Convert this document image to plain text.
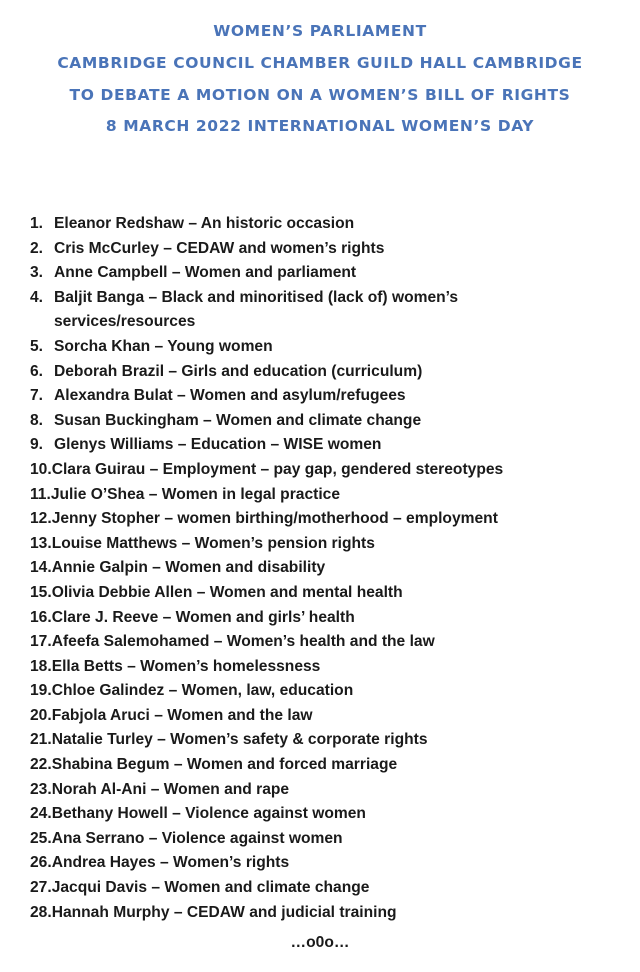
WOMEN’S PARLIAMENT
CAMBRIDGE COUNCIL CHAMBER GUILD HALL CAMBRIDGE
TO DEBATE A MOTION ON A WOMEN’S BILL OF RIGHTS
8 MARCH 2022 INTERNATIONAL WOMEN’S DAY
1. Eleanor Redshaw – An historic occasion
2. Cris McCurley – CEDAW and women’s rights
3. Anne Campbell – Women and parliament
4. Baljit Banga – Black and minoritised (lack of) women’s services/resources
5. Sorcha Khan – Young women
6. Deborah Brazil – Girls and education (curriculum)
7. Alexandra Bulat – Women and asylum/refugees
8. Susan Buckingham – Women and climate change
9. Glenys Williams – Education – WISE women
10. Clara Guirau – Employment – pay gap, gendered stereotypes
11. Julie O’Shea – Women in legal practice
12. Jenny Stopher – women birthing/motherhood – employment
13. Louise Matthews – Women’s pension rights
14. Annie Galpin – Women and disability
15. Olivia Debbie Allen – Women and mental health
16. Clare J. Reeve – Women and girls’ health
17. Afeefa Salemohamed – Women’s health and the law
18. Ella Betts – Women’s homelessness
19. Chloe Galindez – Women, law, education
20. Fabjola Aruci – Women and the law
21. Natalie Turley – Women’s safety & corporate rights
22. Shabina Begum – Women and forced marriage
23. Norah Al-Ani – Women and rape
24. Bethany Howell – Violence against women
25. Ana Serrano – Violence against women
26. Andrea Hayes – Women’s rights
27. Jacqui Davis – Women and climate change
28. Hannah Murphy – CEDAW and judicial training
…o0o…
